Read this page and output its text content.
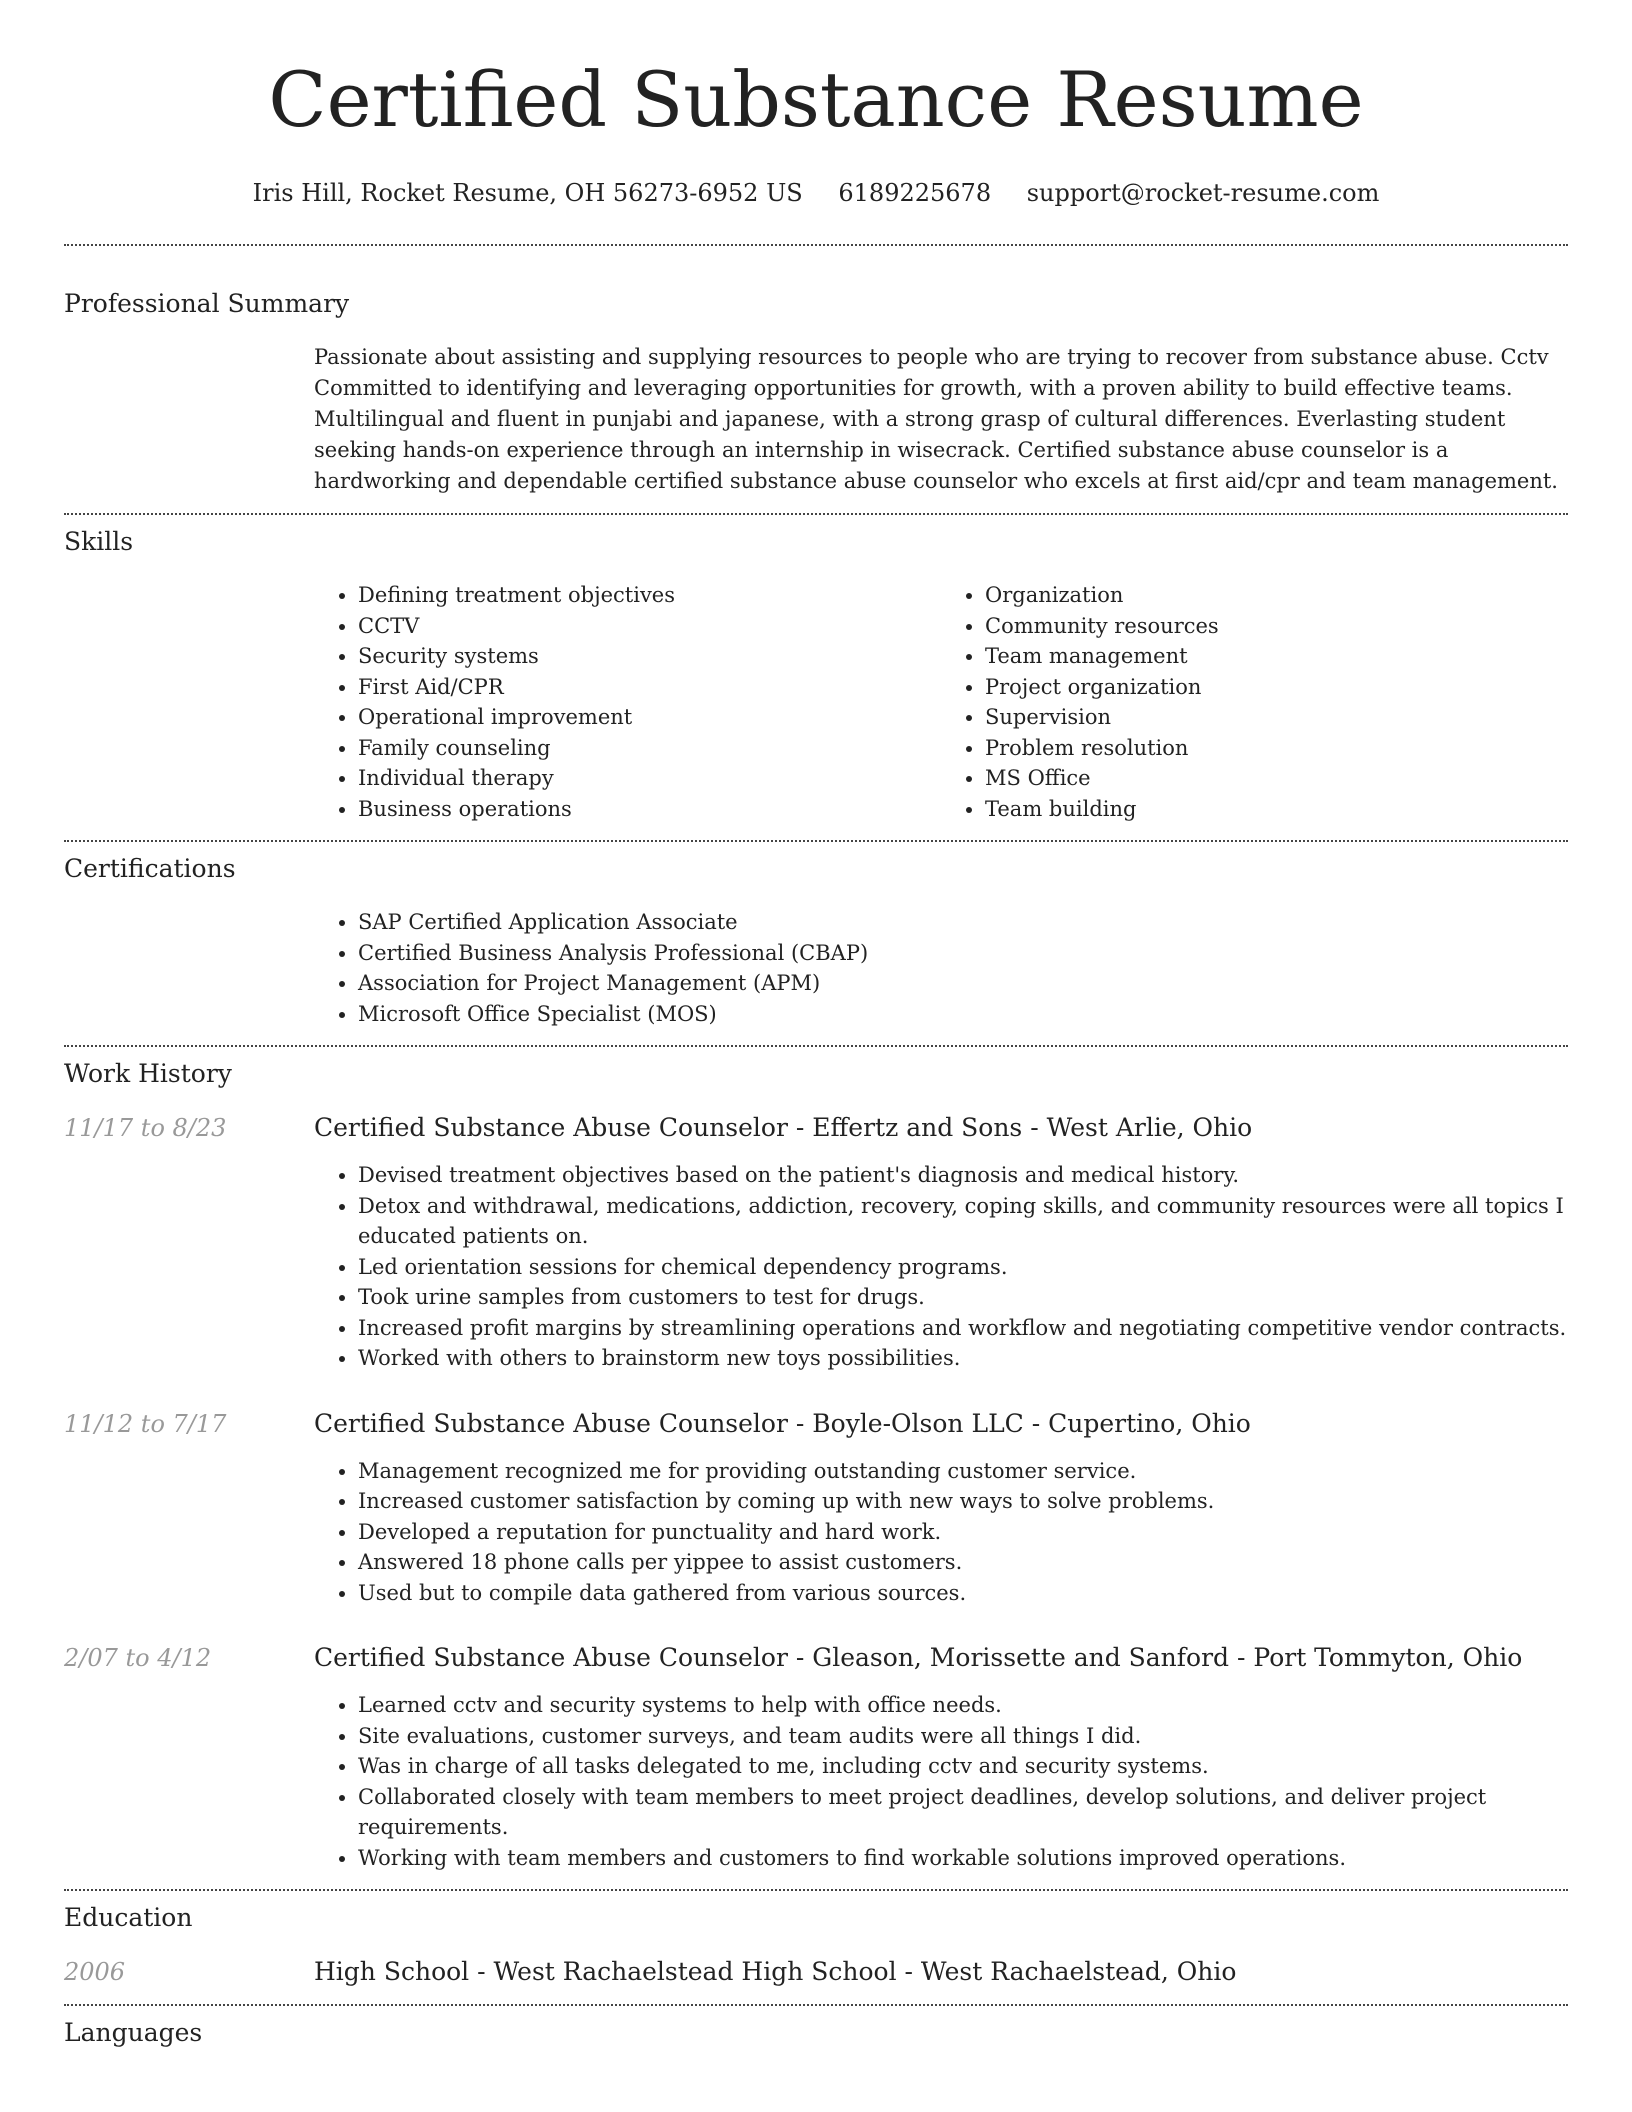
Certified Substance Resume
Iris Hill, Rocket Resume, OH 56273-6952 US 6189225678 support@rocket-resume.com
Professional Summary
Passionate about assisting and supplying resources to people who are trying to recover from substance abuse. Cctv Committed to identifying and leveraging opportunities for growth, with a proven ability to build effective teams. Multilingual and fluent in punjabi and japanese, with a strong grasp of cultural differences. Everlasting student seeking hands-on experience through an internship in wisecrack. Certified substance abuse counselor is a hardworking and dependable certified substance abuse counselor who excels at first aid/cpr and team management.
Skills
• Defining treatment objectives
• CCTV
• Security systems
• First Aid/CPR
• Operational improvement
• Family counseling
• Individual therapy
• Business operations
• Organization
• Community resources
• Team management
• Project organization
• Supervision
• Problem resolution
• MS Office
• Team building
Certifications
• SAP Certified Application Associate
• Certified Business Analysis Professional (CBAP)
• Association for Project Management (APM)
• Microsoft Office Specialist (MOS)
Work History
11/17 to 8/23	Certified Substance Abuse Counselor - Effertz and Sons - West Arlie, Ohio
• Devised treatment objectives based on the patient's diagnosis and medical history.
• Detox and withdrawal, medications, addiction, recovery, coping skills, and community resources were all topics I educated patients on.
• Led orientation sessions for chemical dependency programs.
• Took urine samples from customers to test for drugs.
• Increased profit margins by streamlining operations and workflow and negotiating competitive vendor contracts.
• Worked with others to brainstorm new toys possibilities.
11/12 to 7/17	Certified Substance Abuse Counselor - Boyle-Olson LLC - Cupertino, Ohio
• Management recognized me for providing outstanding customer service.
• Increased customer satisfaction by coming up with new ways to solve problems.
• Developed a reputation for punctuality and hard work.
• Answered 18 phone calls per yippee to assist customers.
• Used but to compile data gathered from various sources.
2/07 to 4/12	Certified Substance Abuse Counselor - Gleason, Morissette and Sanford - Port Tommyton, Ohio
• Learned cctv and security systems to help with office needs.
• Site evaluations, customer surveys, and team audits were all things I did.
• Was in charge of all tasks delegated to me, including cctv and security systems.
• Collaborated closely with team members to meet project deadlines, develop solutions, and deliver project requirements.
• Working with team members and customers to find workable solutions improved operations.
Education
2006	High School - West Rachaelstead High School - West Rachaelstead, Ohio
Languages
